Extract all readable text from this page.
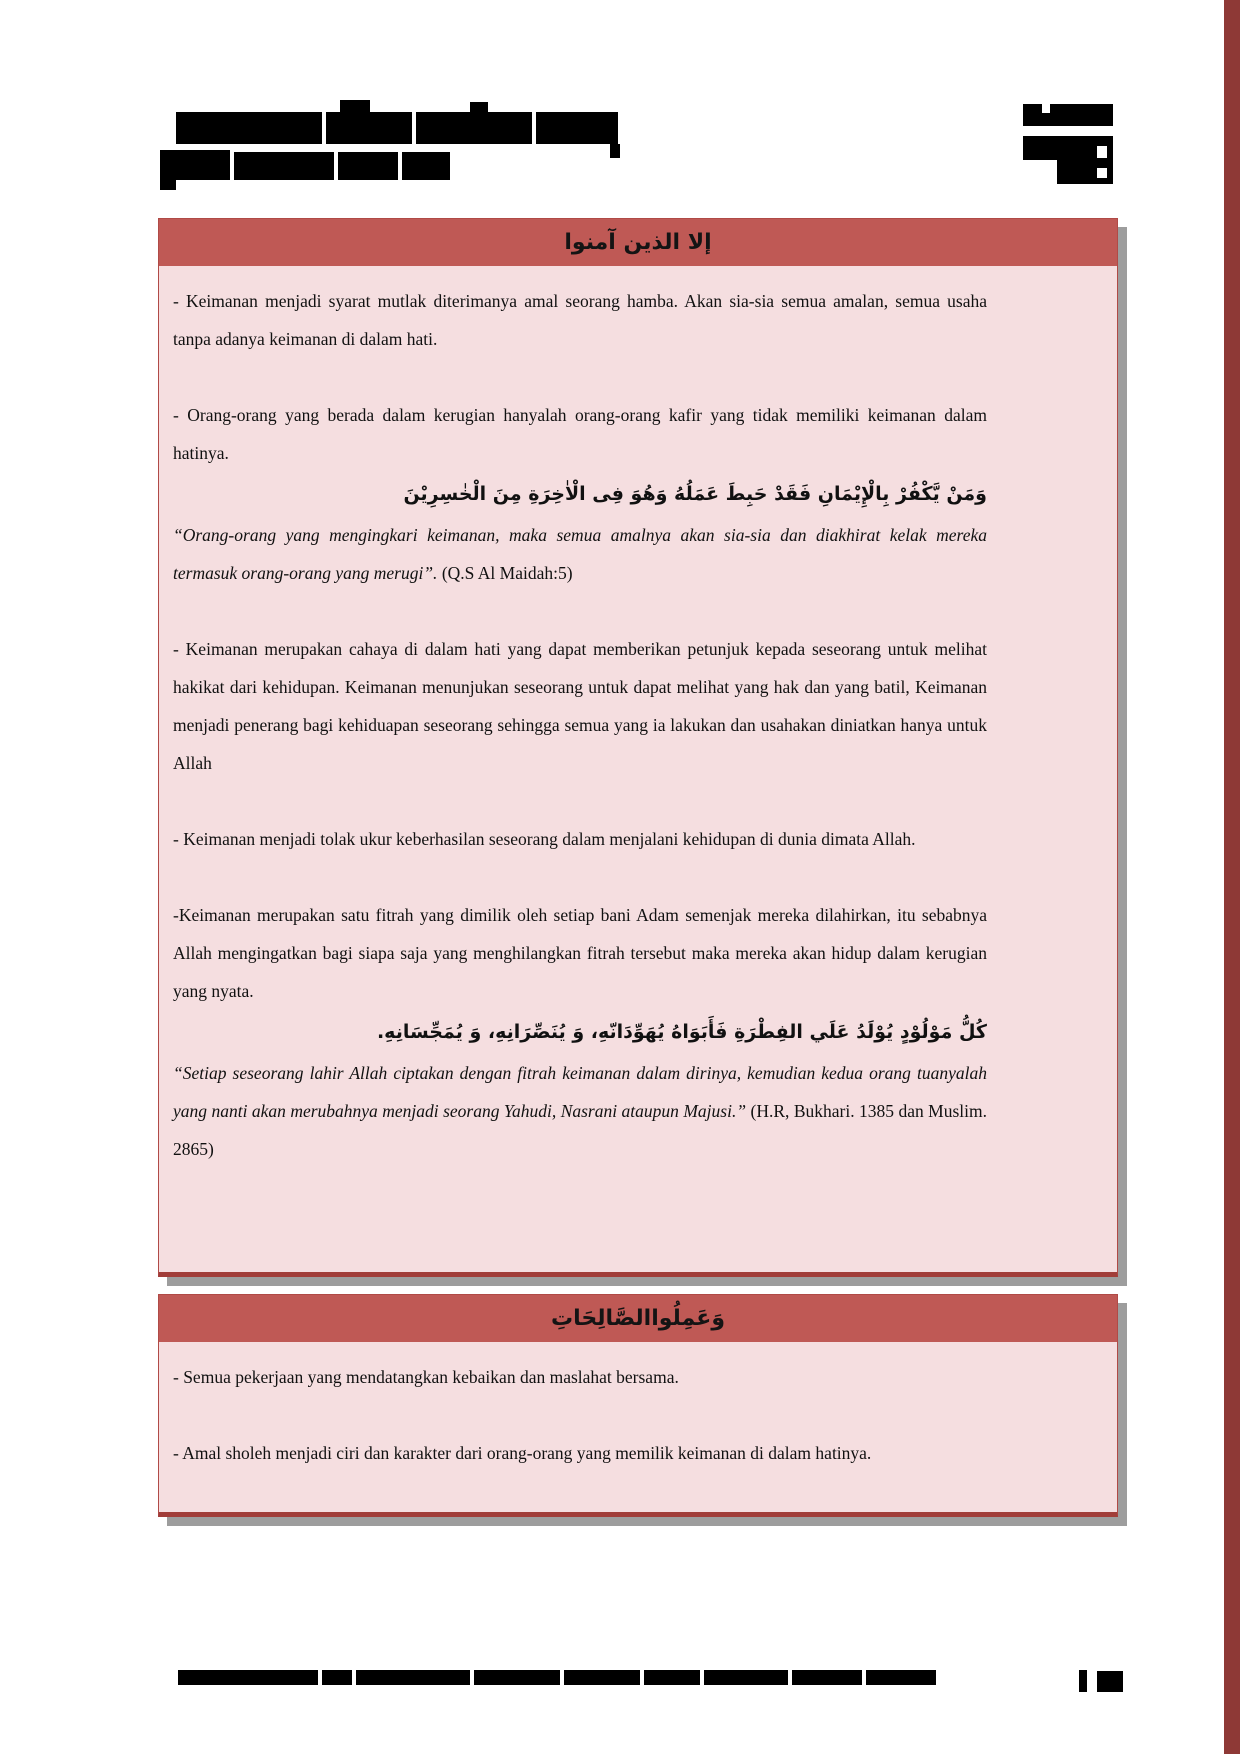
إلا الذين آمنوا

- Keimanan menjadi syarat mutlak diterimanya amal seorang hamba. Akan sia-sia semua amalan, semua usaha tanpa adanya keimanan di dalam hati.

- Orang-orang yang berada dalam kerugian hanyalah orang-orang kafir yang tidak memiliki keimanan dalam hatinya.

وَمَنْ يَّكْفُرْ بِالْإِيْمَانِ فَقَدْ حَبِطَ عَمَلُهُ وَهُوَ فِى الْاٰخِرَةِ مِنَ الْخٰسِرِيْنَ

“Orang-orang yang mengingkari keimanan, maka semua amalnya akan sia-sia dan diakhirat kelak mereka termasuk orang-orang yang merugi”. (Q.S Al Maidah:5)

- Keimanan merupakan cahaya di dalam hati yang dapat memberikan petunjuk kepada seseorang untuk melihat hakikat dari kehidupan. Keimanan menunjukan seseorang untuk dapat melihat yang hak dan yang batil, Keimanan menjadi penerang bagi kehiduapan seseorang sehingga semua yang ia lakukan dan usahakan diniatkan hanya untuk Allah

- Keimanan menjadi tolak ukur keberhasilan seseorang dalam menjalani kehidupan di dunia dimata Allah.

-Keimanan merupakan satu fitrah yang dimilik oleh setiap bani Adam semenjak mereka dilahirkan, itu sebabnya Allah mengingatkan bagi siapa saja yang menghilangkan fitrah tersebut maka mereka akan hidup dalam kerugian yang nyata.

كُلُّ مَوْلُوْدٍ يُوْلَدُ عَلَي الفِطْرَةِ فَأَبَوَاهُ يُهَوِّدَانّهِ، وَ يُنَصِّرَانِهِ، وَ يُمَجِّسَانِهِ.

“Setiap seseorang lahir Allah ciptakan dengan fitrah keimanan dalam dirinya, kemudian kedua orang tuanyalah yang nanti akan merubahnya menjadi seorang Yahudi, Nasrani ataupun Majusi.” (H.R, Bukhari. 1385 dan Muslim. 2865)

وَعَمِلُواالصَّالِحَاتِ

- Semua pekerjaan yang mendatangkan kebaikan dan maslahat bersama.

- Amal sholeh menjadi ciri dan karakter dari orang-orang yang memilik keimanan di dalam hatinya.
